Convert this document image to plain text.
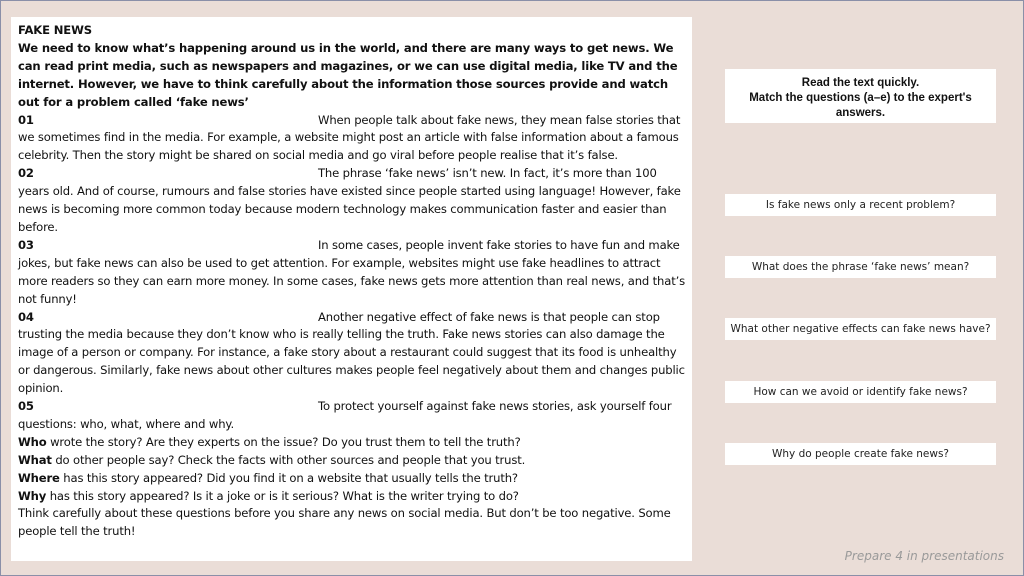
FAKE NEWS

We need to know what’s happening around us in the world, and there are many ways to get news. We can read print media, such as newspapers and magazines, or we can use digital media, like TV and the internet. However, we have to think carefully about the information those sources provide and watch out for a problem called ‘fake news’

01	When people talk about fake news, they mean false stories that we sometimes find in the media. For example, a website might post an article with false information about a famous celebrity. Then the story might be shared on social media and go viral before people realise that it’s false.

02	The phrase ‘fake news’ isn’t new. In fact, it’s more than 100 years old. And of course, rumours and false stories have existed since people started using language! However, fake news is becoming more common today because modern technology makes communication faster and easier than before.

03	In some cases, people invent fake stories to have fun and make jokes, but fake news can also be used to get attention. For example, websites might use fake headlines to attract more readers so they can earn more money. In some cases, fake news gets more attention than real news, and that’s not funny!

04	Another negative effect of fake news is that people can stop trusting the media because they don’t know who is really telling the truth. Fake news stories can also damage the image of a person or company. For instance, a fake story about a restaurant could suggest that its food is unhealthy or dangerous. Similarly, fake news about other cultures makes people feel negatively about them and changes public opinion.

05	To protect yourself against fake news stories, ask yourself four questions: who, what, where and why.

Who wrote the story? Are they experts on the issue? Do you trust them to tell the truth?

What do other people say? Check the facts with other sources and people that you trust.

Where has this story appeared? Did you find it on a website that usually tells the truth?

Why has this story appeared? Is it a joke or is it serious? What is the writer trying to do?

Think carefully about these questions before you share any news on social media. But don’t be too negative. Some people tell the truth!

Read the text quickly.
Match the questions (a–e) to the expert's answers.
Is fake news only a recent problem?
What does the phrase ‘fake news’ mean?
What other negative effects can fake news have?
How can we avoid or identify fake news?
Why do people create fake news?
Prepare 4 in presentations
